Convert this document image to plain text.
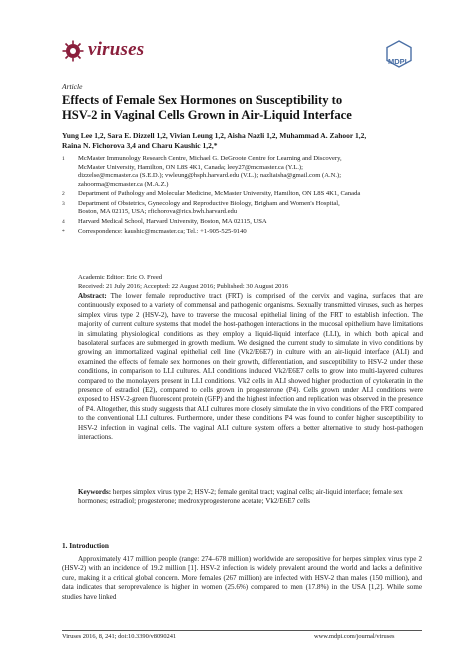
viruses
MDPI
Article
Effects of Female Sex Hormones on Susceptibility to
HSV-2 in Vaginal Cells Grown in Air-Liquid Interface
Yung Lee 1,2, Sara E. Dizzell 1,2, Vivian Leung 1,2, Aisha Nazli 1,2, Muhammad A. Zahoor 1,2,
Raina N. Fichorova 3,4 and Charu Kaushic 1,2,*
1	McMaster Immunology Research Centre, Michael G. DeGroote Centre for Learning and Discovery,
McMaster University, Hamilton, ON L8S 4K1, Canada; leey27@mcmaster.ca (Y.L.);
dizzelse@mcmaster.ca (S.E.D.); vwleung@hsph.harvard.edu (V.L.); nazliaisha@gmail.com (A.N.);
zahoorma@mcmaster.ca (M.A.Z.)
2	Department of Pathology and Molecular Medicine, McMaster University, Hamilton, ON L8S 4K1, Canada
3	Department of Obstetrics, Gynecology and Reproductive Biology, Brigham and Women's Hospital,
Boston, MA 02115, USA; rfichorova@rics.bwh.harvard.edu
4	Harvard Medical School, Harvard University, Boston, MA 02115, USA
*	Correspondence: kaushic@mcmaster.ca; Tel.: +1-905-525-9140
Academic Editor: Eric O. Freed
Received: 21 July 2016; Accepted: 22 August 2016; Published: 30 August 2016
Abstract: The lower female reproductive tract (FRT) is comprised of the cervix and vagina, surfaces that are continuously exposed to a variety of commensal and pathogenic organisms. Sexually transmitted viruses, such as herpes simplex virus type 2 (HSV-2), have to traverse the mucosal epithelial lining of the FRT to establish infection. The majority of current culture systems that model the host-pathogen interactions in the mucosal epithelium have limitations in simulating physiological conditions as they employ a liquid-liquid interface (LLI), in which both apical and basolateral surfaces are submerged in growth medium. We designed the current study to simulate in vivo conditions by growing an immortalized vaginal epithelial cell line (Vk2/E6E7) in culture with an air-liquid interface (ALI) and examined the effects of female sex hormones on their growth, differentiation, and susceptibility to HSV-2 under these conditions, in comparison to LLI cultures. ALI conditions induced Vk2/E6E7 cells to grow into multi-layered cultures compared to the monolayers present in LLI conditions. Vk2 cells in ALI showed higher production of cytokeratin in the presence of estradiol (E2), compared to cells grown in progesterone (P4). Cells grown under ALI conditions were exposed to HSV-2-green fluorescent protein (GFP) and the highest infection and replication was observed in the presence of P4. Altogether, this study suggests that ALI cultures more closely simulate the in vivo conditions of the FRT compared to the conventional LLI cultures. Furthermore, under these conditions P4 was found to confer higher susceptibility to HSV-2 infection in vaginal cells. The vaginal ALI culture system offers a better alternative to study host-pathogen interactions.
Keywords: herpes simplex virus type 2; HSV-2; female genital tract; vaginal cells; air-liquid interface; female sex hormones; estradiol; progesterone; medroxyprogesterone acetate; Vk2/E6E7 cells
1. Introduction
Approximately 417 million people (range: 274–678 million) worldwide are seropositive for herpes simplex virus type 2 (HSV-2) with an incidence of 19.2 million [1]. HSV-2 infection is widely prevalent around the world and lacks a definitive cure, making it a critical global concern. More females (267 million) are infected with HSV-2 than males (150 million), and data indicates that seroprevalence is higher in women (25.6%) compared to men (17.8%) in the USA [1,2]. While some studies have linked
Viruses 2016, 8, 241; doi:10.3390/v8090241	www.mdpi.com/journal/viruses
